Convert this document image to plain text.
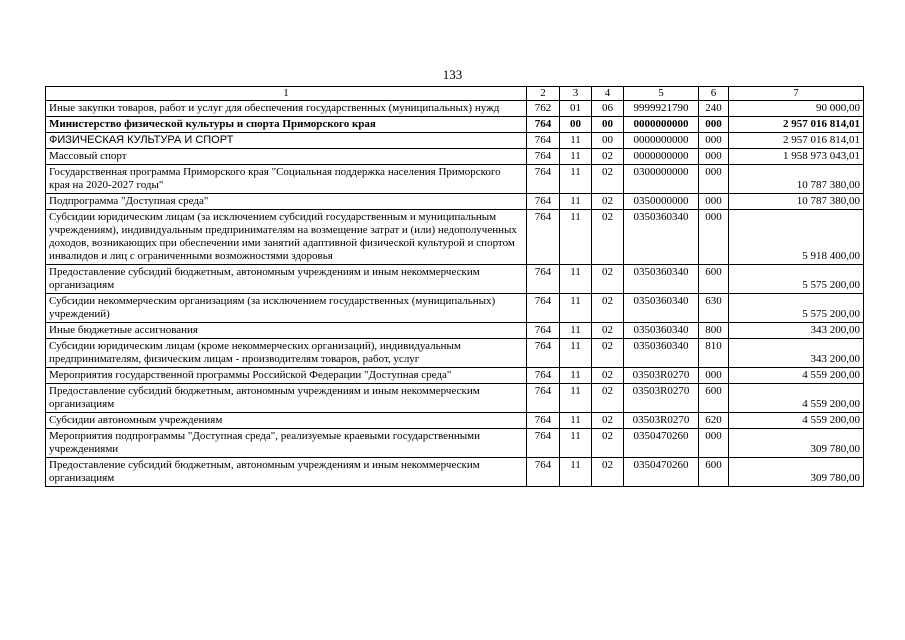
133
1	2	3	4	5	6	7
Иные закупки товаров, работ и услуг для обеспечения государственных (муниципальных) нужд	762	01	06	9999921790	240	90 000,00
Министерство физической культуры и спорта Приморского края	764	00	00	0000000000	000	2 957 016 814,01
ФИЗИЧЕСКАЯ КУЛЬТУРА И СПОРТ	764	11	00	0000000000	000	2 957 016 814,01
Массовый спорт	764	11	02	0000000000	000	1 958 973 043,01
Государственная программа Приморского края "Социальная поддержка населения Приморского края на 2020-2027 годы"	764	11	02	0300000000	000	10 787 380,00
Подпрограмма "Доступная среда"	764	11	02	0350000000	000	10 787 380,00
Субсидии юридическим лицам (за исключением субсидий государственным и муниципальным учреждениям), индивидуальным предпринимателям на возмещение затрат и (или) недополученных доходов, возникающих при обеспечении ими занятий адаптивной физической культурой и спортом инвалидов и лиц с ограниченными возможностями здоровья	764	11	02	0350360340	000	5 918 400,00
Предоставление субсидий бюджетным, автономным учреждениям и иным некоммерческим организациям	764	11	02	0350360340	600	5 575 200,00
Субсидии некоммерческим организациям (за исключением государственных (муниципальных) учреждений)	764	11	02	0350360340	630	5 575 200,00
Иные бюджетные ассигнования	764	11	02	0350360340	800	343 200,00
Субсидии юридическим лицам (кроме некоммерческих организаций), индивидуальным предпринимателям, физическим лицам - производителям товаров, работ, услуг	764	11	02	0350360340	810	343 200,00
Мероприятия государственной программы Российской Федерации "Доступная среда"	764	11	02	03503R0270	000	4 559 200,00
Предоставление субсидий бюджетным, автономным учреждениям и иным некоммерческим организациям	764	11	02	03503R0270	600	4 559 200,00
Субсидии автономным учреждениям	764	11	02	03503R0270	620	4 559 200,00
Мероприятия подпрограммы "Доступная среда", реализуемые краевыми государственными учреждениями	764	11	02	0350470260	000	309 780,00
Предоставление субсидий бюджетным, автономным учреждениям и иным некоммерческим организациям	764	11	02	0350470260	600	309 780,00
